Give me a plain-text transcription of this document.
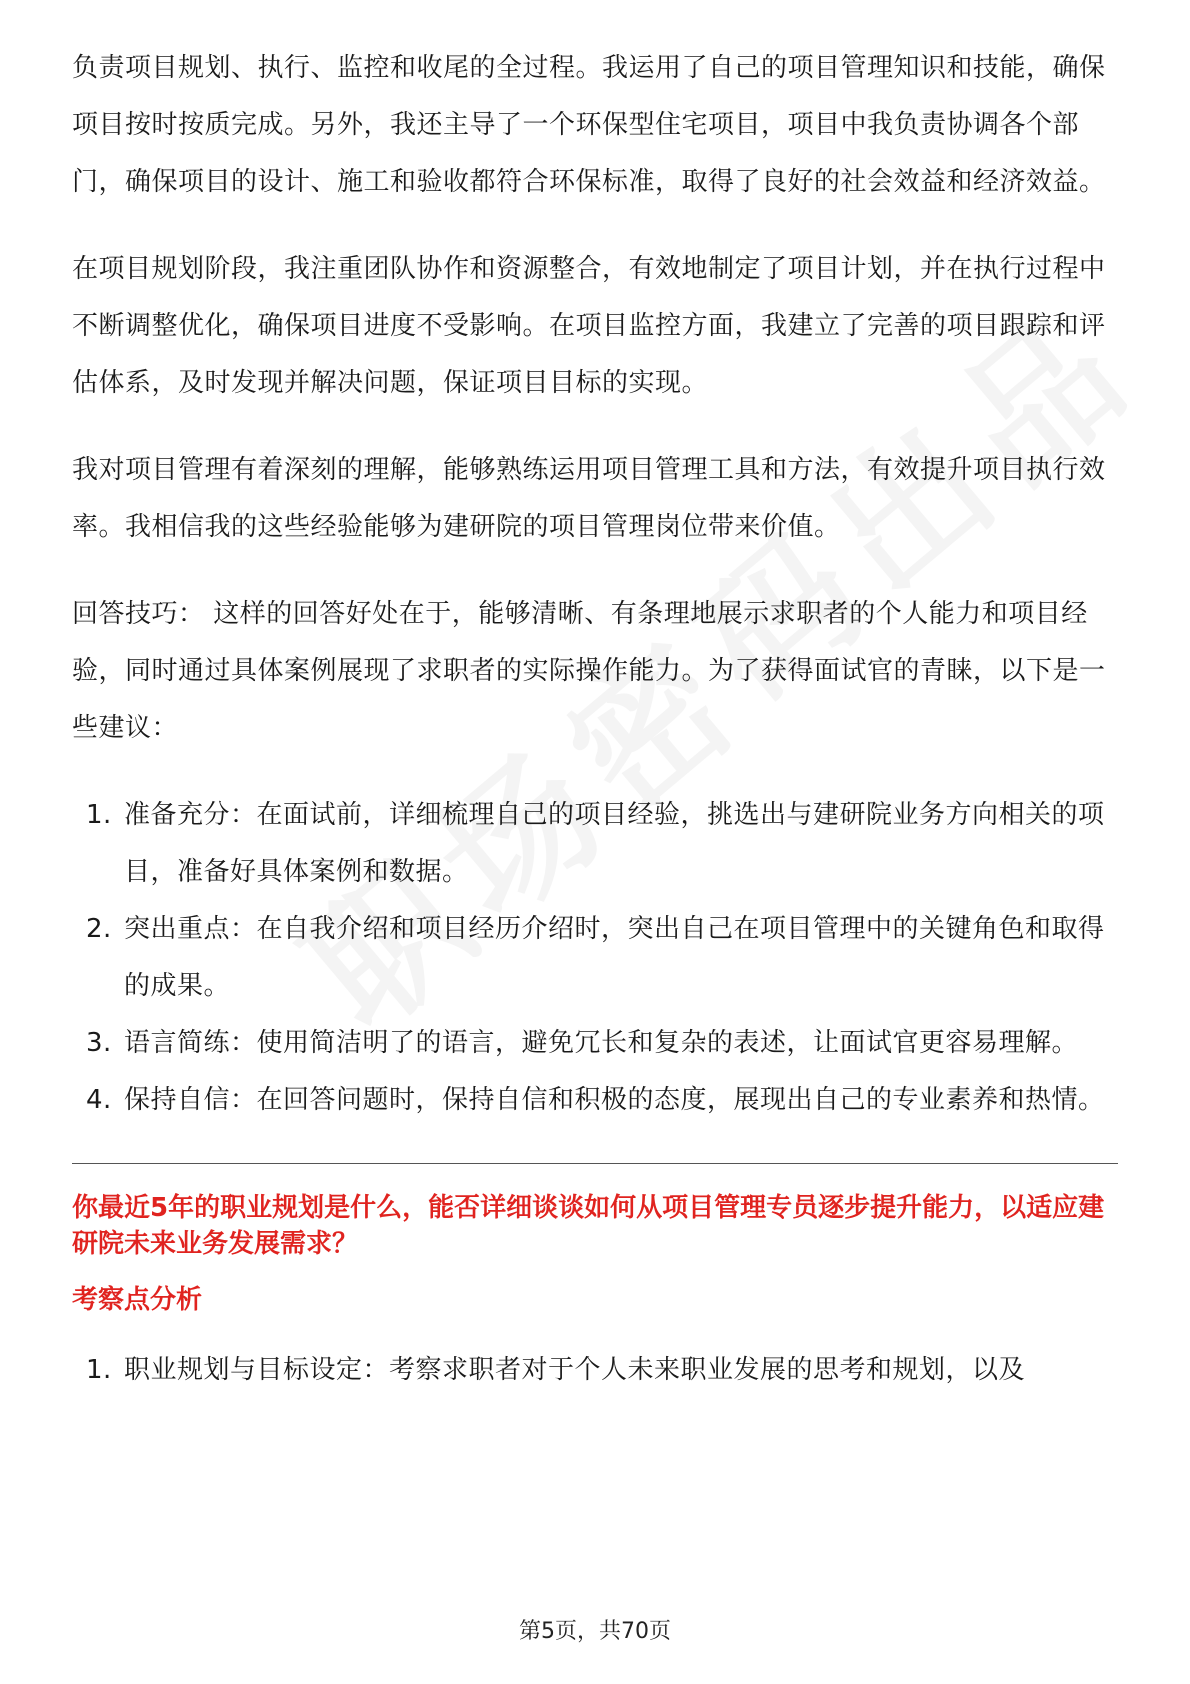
负责项目规划、执行、监控和收尾的全过程。我运用了自己的项目管理知识和技能，确保项目按时按质完成。另外，我还主导了一个环保型住宅项目，项目中我负责协调各个部门，确保项目的设计、施工和验收都符合环保标准，取得了良好的社会效益和经济效益。

在项目规划阶段，我注重团队协作和资源整合，有效地制定了项目计划，并在执行过程中不断调整优化，确保项目进度不受影响。在项目监控方面，我建立了完善的项目跟踪和评估体系，及时发现并解决问题，保证项目目标的实现。

我对项目管理有着深刻的理解，能够熟练运用项目管理工具和方法，有效提升项目执行效率。我相信我的这些经验能够为建研院的项目管理岗位带来价值。

回答技巧： 这样的回答好处在于，能够清晰、有条理地展示求职者的个人能力和项目经验，同时通过具体案例展现了求职者的实际操作能力。为了获得面试官的青睐，以下是一些建议：

1. 准备充分：在面试前，详细梳理自己的项目经验，挑选出与建研院业务方向相关的项目，准备好具体案例和数据。
2. 突出重点：在自我介绍和项目经历介绍时，突出自己在项目管理中的关键角色和取得的成果。
3. 语言简练：使用简洁明了的语言，避免冗长和复杂的表述，让面试官更容易理解。
4. 保持自信：在回答问题时，保持自信和积极的态度，展现出自己的专业素养和热情。

你最近5年的职业规划是什么，能否详细谈谈如何从项目管理专员逐步提升能力，以适应建研院未来业务发展需求？

考察点分析
1. 职业规划与目标设定：考察求职者对于个人未来职业发展的思考和规划，以及
第5页，共70页
